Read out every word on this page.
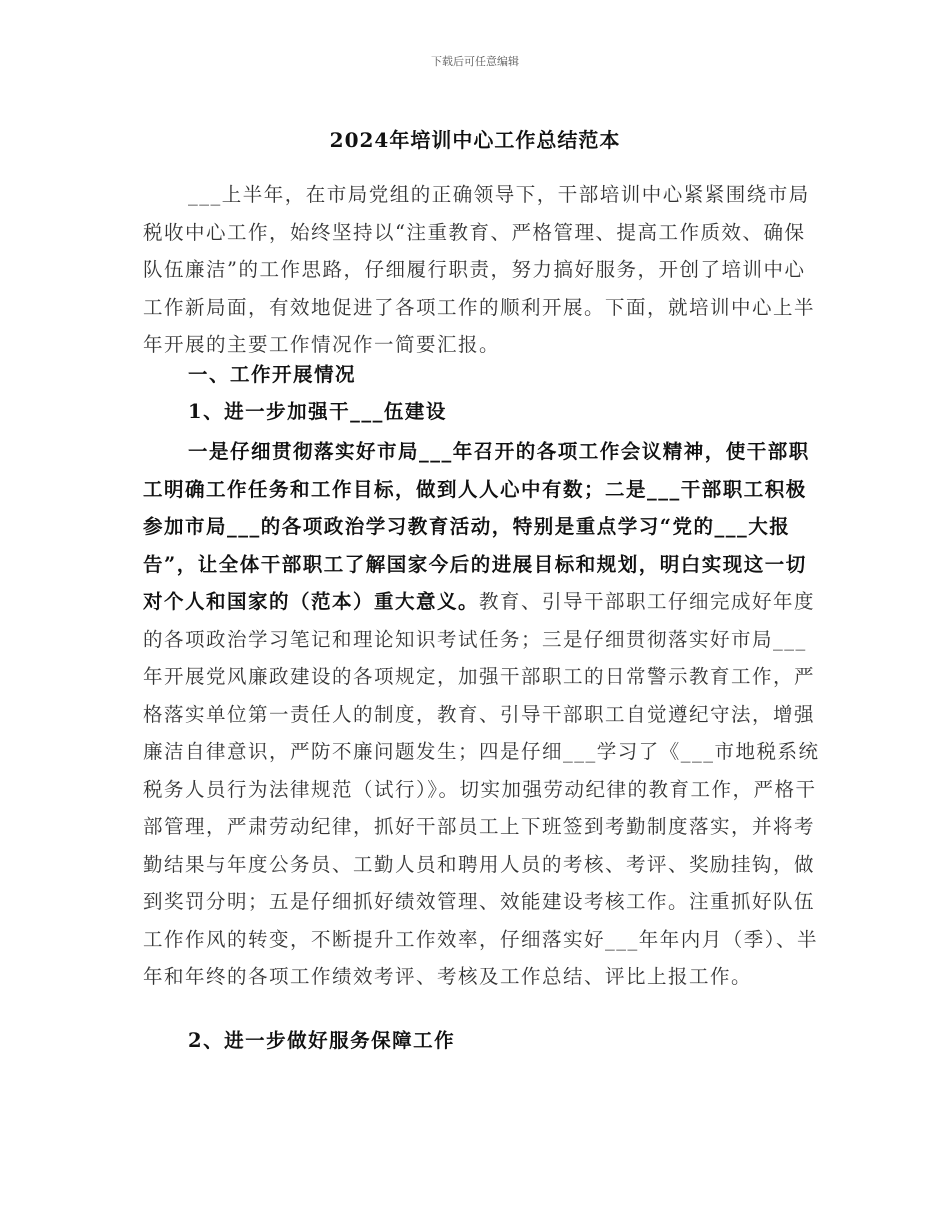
下载后可任意编辑
2024年培训中心工作总结范本
___上半年，在市局党组的正确领导下，干部培训中心紧紧围绕市局税收中心工作，始终坚持以“注重教育、严格管理、提高工作质效、确保队伍廉洁”的工作思路，仔细履行职责，努力搞好服务，开创了培训中心工作新局面，有效地促进了各项工作的顺利开展。下面，就培训中心上半年开展的主要工作情况作一简要汇报。
一、工作开展情况
1、进一步加强干___伍建设
一是仔细贯彻落实好市局___年召开的各项工作会议精神，使干部职工明确工作任务和工作目标，做到人人心中有数；二是___干部职工积极参加市局___的各项政治学习教育活动，特别是重点学习“党的___大报告”，让全体干部职工了解国家今后的进展目标和规划，明白实现这一切对个人和国家的（范本）重大意义。教育、引导干部职工仔细完成好年度的各项政治学习笔记和理论知识考试任务；三是仔细贯彻落实好市局___年开展党风廉政建设的各项规定，加强干部职工的日常警示教育工作，严格落实单位第一责任人的制度，教育、引导干部职工自觉遵纪守法，增强廉洁自律意识，严防不廉问题发生；四是仔细___学习了《___市地税系统税务人员行为法律规范（试行）》。切实加强劳动纪律的教育工作，严格干部管理，严肃劳动纪律，抓好干部员工上下班签到考勤制度落实，并将考勤结果与年度公务员、工勤人员和聘用人员的考核、考评、奖励挂钩，做到奖罚分明；五是仔细抓好绩效管理、效能建设考核工作。注重抓好队伍工作作风的转变，不断提升工作效率，仔细落实好___年年内月（季）、半年和年终的各项工作绩效考评、考核及工作总结、评比上报工作。
2、进一步做好服务保障工作
